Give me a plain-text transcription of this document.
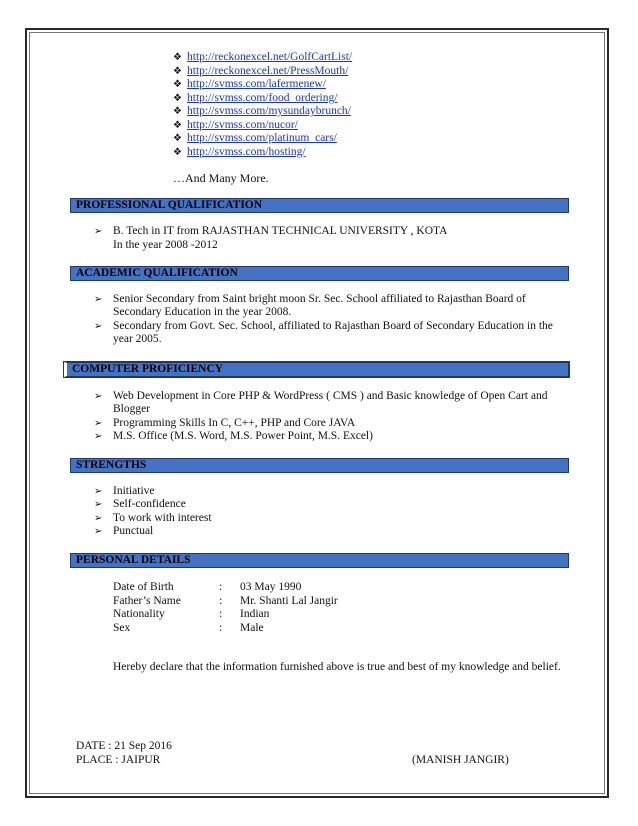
❖ http://reckonexcel.net/GolfCartList/
❖ http://reckonexcel.net/PressMouth/
❖ http://svmss.com/lafermenew/
❖ http://svmss.com/food_ordering/
❖ http://svmss.com/mysundaybrunch/
❖ http://svmss.com/nucor/
❖ http://svmss.com/platinum_cars/
❖ http://svmss.com/hosting/
…And Many More.
PROFESSIONAL QUALIFICATION
➢ B. Tech in IT from RAJASTHAN TECHNICAL UNIVERSITY , KOTA
In the year 2008 -2012
ACADEMIC QUALIFICATION
➢ Senior Secondary from Saint bright moon Sr. Sec. School affiliated to Rajasthan Board of Secondary Education in the year 2008.
➢ Secondary from Govt. Sec. School, affiliated to Rajasthan Board of Secondary Education in the year 2005.
COMPUTER PROFICIENCY
➢ Web Development in Core PHP & WordPress ( CMS ) and Basic knowledge of Open Cart and Blogger
➢ Programming Skills In C, C++, PHP and Core JAVA
➢ M.S. Office (M.S. Word, M.S. Power Point, M.S. Excel)
STRENGTHS
➢ Initiative
➢ Self-confidence
➢ To work with interest
➢ Punctual
PERSONAL DETAILS
Date of Birth	:	03 May 1990
Father’s Name	:	Mr. Shanti Lal Jangir
Nationality	:	Indian
Sex	:	Male
Hereby declare that the information furnished above is true and best of my knowledge and belief.
DATE : 21 Sep 2016
PLACE : JAIPUR	(MANISH JANGIR)
